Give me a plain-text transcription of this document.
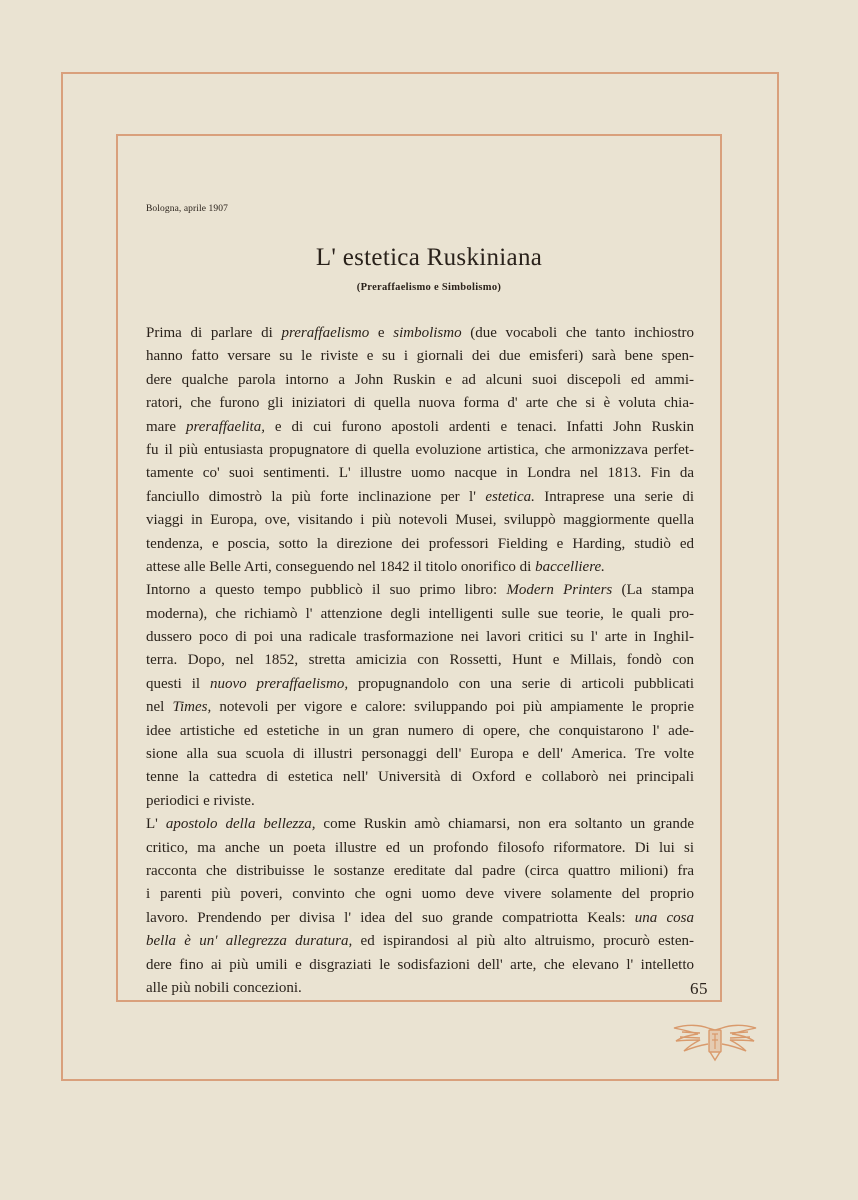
Bologna, aprile 1907
L' estetica Ruskiniana
(Preraffaelismo e Simbolismo)
Prima di parlare di preraffaelismo e simbolismo (due vocaboli che tanto inchiostro
hanno fatto versare su le riviste e su i giornali dei due emisferi) sarà bene spen-
dere qualche parola intorno a John Ruskin e ad alcuni suoi discepoli ed ammi-
ratori, che furono gli iniziatori di quella nuova forma d' arte che si è voluta chia-
mare preraffaelita, e di cui furono apostoli ardenti e tenaci. Infatti John Ruskin
fu il più entusiasta propugnatore di quella evoluzione artistica, che armonizzava perfet-
tamente co' suoi sentimenti. L' illustre uomo nacque in Londra nel 1813. Fin da
fanciullo dimostrò la più forte inclinazione per l' estetica. Intraprese una serie di
viaggi in Europa, ove, visitando i più notevoli Musei, sviluppò maggiormente quella
tendenza, e poscia, sotto la direzione dei professori Fielding e Harding, studiò ed
attese alle Belle Arti, conseguendo nel 1842 il titolo onorifico di baccelliere.
Intorno a questo tempo pubblicò il suo primo libro: Modern Printers (La stampa
moderna), che richiamò l' attenzione degli intelligenti sulle sue teorie, le quali pro-
dussero poco di poi una radicale trasformazione nei lavori critici su l' arte in Inghil-
terra. Dopo, nel 1852, stretta amicizia con Rossetti, Hunt e Millais, fondò con
questi il nuovo preraffaelismo, propugnandolo con una serie di articoli pubblicati
nel Times, notevoli per vigore e calore: sviluppando poi più ampiamente le proprie
idee artistiche ed estetiche in un gran numero di opere, che conquistarono l' ade-
sione alla sua scuola di illustri personaggi dell' Europa e dell' America. Tre volte
tenne la cattedra di estetica nell' Università di Oxford e collaborò nei principali
periodici e riviste.
L' apostolo della bellezza, come Ruskin amò chiamarsi, non era soltanto un grande
critico, ma anche un poeta illustre ed un profondo filosofo riformatore. Di lui si
racconta che distribuisse le sostanze ereditate dal padre (circa quattro milioni) fra
i parenti più poveri, convinto che ogni uomo deve vivere solamente del proprio
lavoro. Prendendo per divisa l' idea del suo grande compatriotta Keals: una cosa
bella è un' allegrezza duratura, ed ispirandosi al più alto altruismo, procurò esten-
dere fino ai più umili e disgraziati le sodisfazioni dell' arte, che elevano l' intelletto
alle più nobili concezioni.	65
